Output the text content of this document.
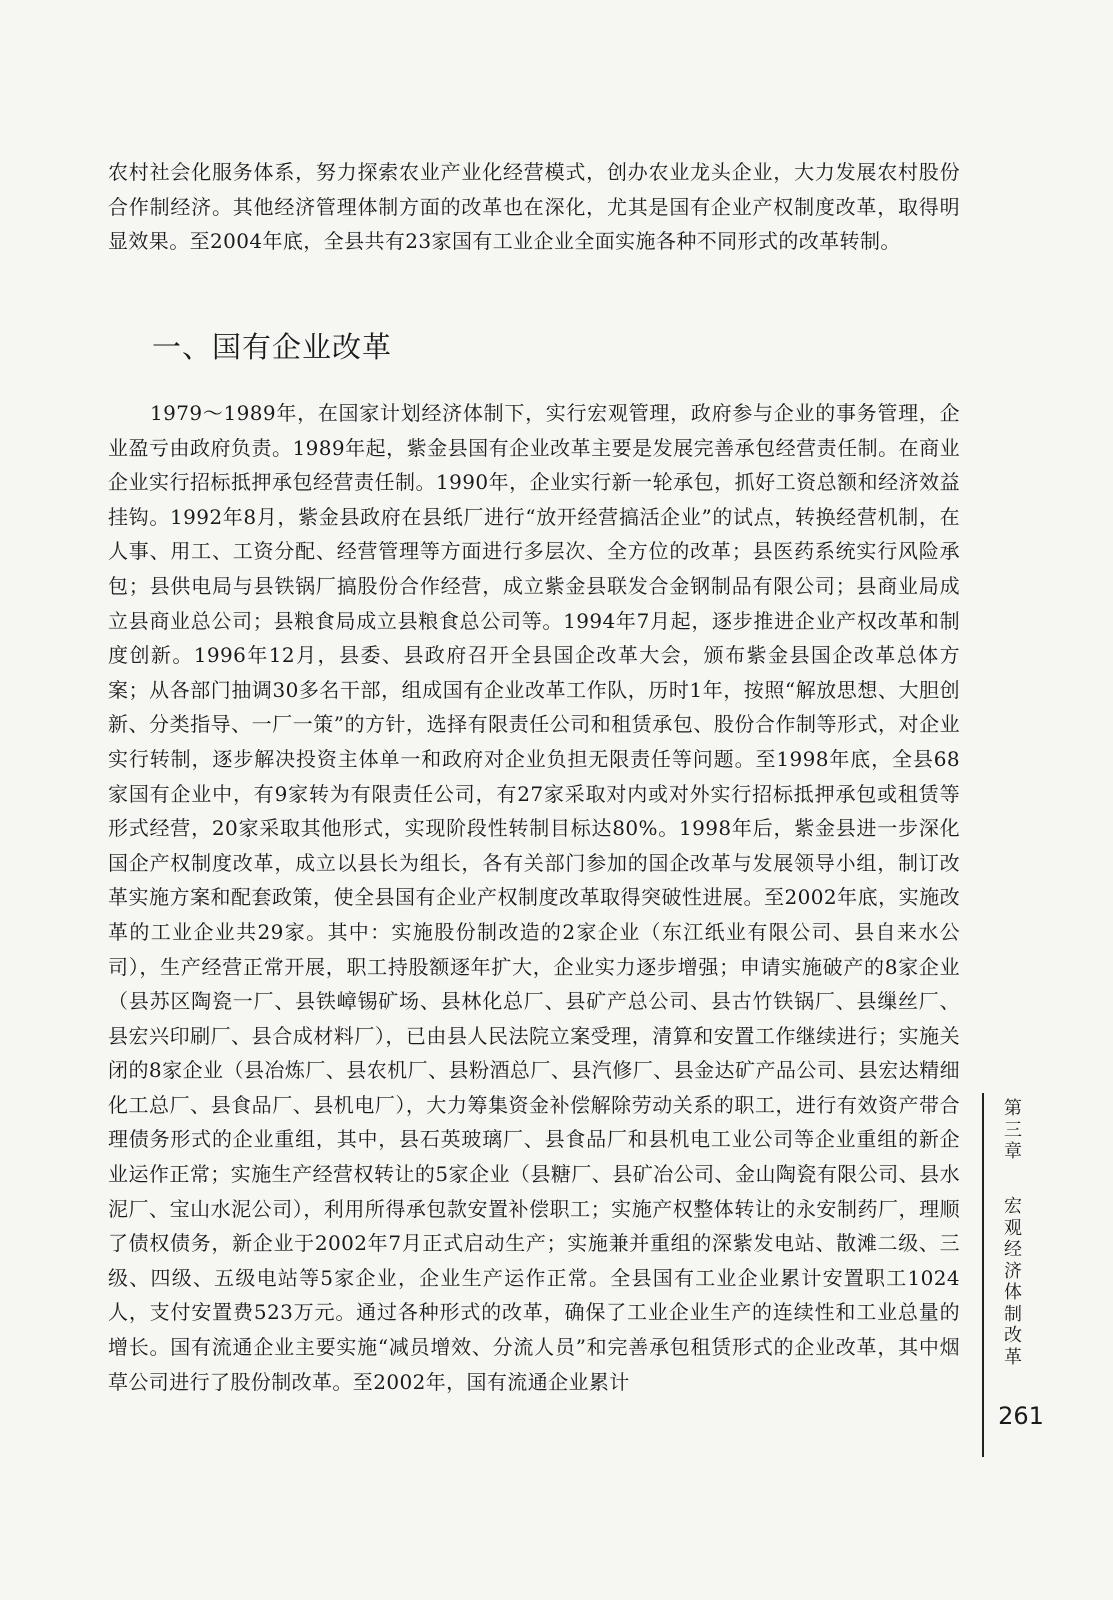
农村社会化服务体系，努力探索农业产业化经营模式，创办农业龙头企业，大力发展农村股份合作制经济。其他经济管理体制方面的改革也在深化，尤其是国有企业产权制度改革，取得明显效果。至2004年底，全县共有23家国有工业企业全面实施各种不同形式的改革转制。
一、国有企业改革
1979～1989年，在国家计划经济体制下，实行宏观管理，政府参与企业的事务管理，企业盈亏由政府负责。1989年起，紫金县国有企业改革主要是发展完善承包经营责任制。在商业企业实行招标抵押承包经营责任制。1990年，企业实行新一轮承包，抓好工资总额和经济效益挂钩。1992年8月，紫金县政府在县纸厂进行“放开经营搞活企业”的试点，转换经营机制，在人事、用工、工资分配、经营管理等方面进行多层次、全方位的改革；县医药系统实行风险承包；县供电局与县铁锅厂搞股份合作经营，成立紫金县联发合金钢制品有限公司；县商业局成立县商业总公司；县粮食局成立县粮食总公司等。1994年7月起，逐步推进企业产权改革和制度创新。1996年12月，县委、县政府召开全县国企改革大会，颁布紫金县国企改革总体方案；从各部门抽调30多名干部，组成国有企业改革工作队，历时1年，按照“解放思想、大胆创新、分类指导、一厂一策”的方针，选择有限责任公司和租赁承包、股份合作制等形式，对企业实行转制，逐步解决投资主体单一和政府对企业负担无限责任等问题。至1998年底，全县68家国有企业中，有9家转为有限责任公司，有27家采取对内或对外实行招标抵押承包或租赁等形式经营，20家采取其他形式，实现阶段性转制目标达80%。1998年后，紫金县进一步深化国企产权制度改革，成立以县长为组长，各有关部门参加的国企改革与发展领导小组，制订改革实施方案和配套政策，使全县国有企业产权制度改革取得突破性进展。至2002年底，实施改革的工业企业共29家。其中：实施股份制改造的2家企业（东江纸业有限公司、县自来水公司），生产经营正常开展，职工持股额逐年扩大，企业实力逐步增强；申请实施破产的8家企业（县苏区陶瓷一厂、县铁嶂锡矿场、县林化总厂、县矿产总公司、县古竹铁锅厂、县缫丝厂、县宏兴印刷厂、县合成材料厂），已由县人民法院立案受理，清算和安置工作继续进行；实施关闭的8家企业（县冶炼厂、县农机厂、县粉酒总厂、县汽修厂、县金达矿产品公司、县宏达精细化工总厂、县食品厂、县机电厂），大力筹集资金补偿解除劳动关系的职工，进行有效资产带合理债务形式的企业重组，其中，县石英玻璃厂、县食品厂和县机电工业公司等企业重组的新企业运作正常；实施生产经营权转让的5家企业（县糖厂、县矿冶公司、金山陶瓷有限公司、县水泥厂、宝山水泥公司），利用所得承包款安置补偿职工；实施产权整体转让的永安制药厂，理顺了债权债务，新企业于2002年7月正式启动生产；实施兼并重组的深紫发电站、散滩二级、三级、四级、五级电站等5家企业，企业生产运作正常。全县国有工业企业累计安置职工1024人，支付安置费523万元。通过各种形式的改革，确保了工业企业生产的连续性和工业总量的增长。国有流通企业主要实施“减员增效、分流人员”和完善承包租赁形式的企业改革，其中烟草公司进行了股份制改革。至2002年，国有流通企业累计
第三章
宏观经济体制改革
261
